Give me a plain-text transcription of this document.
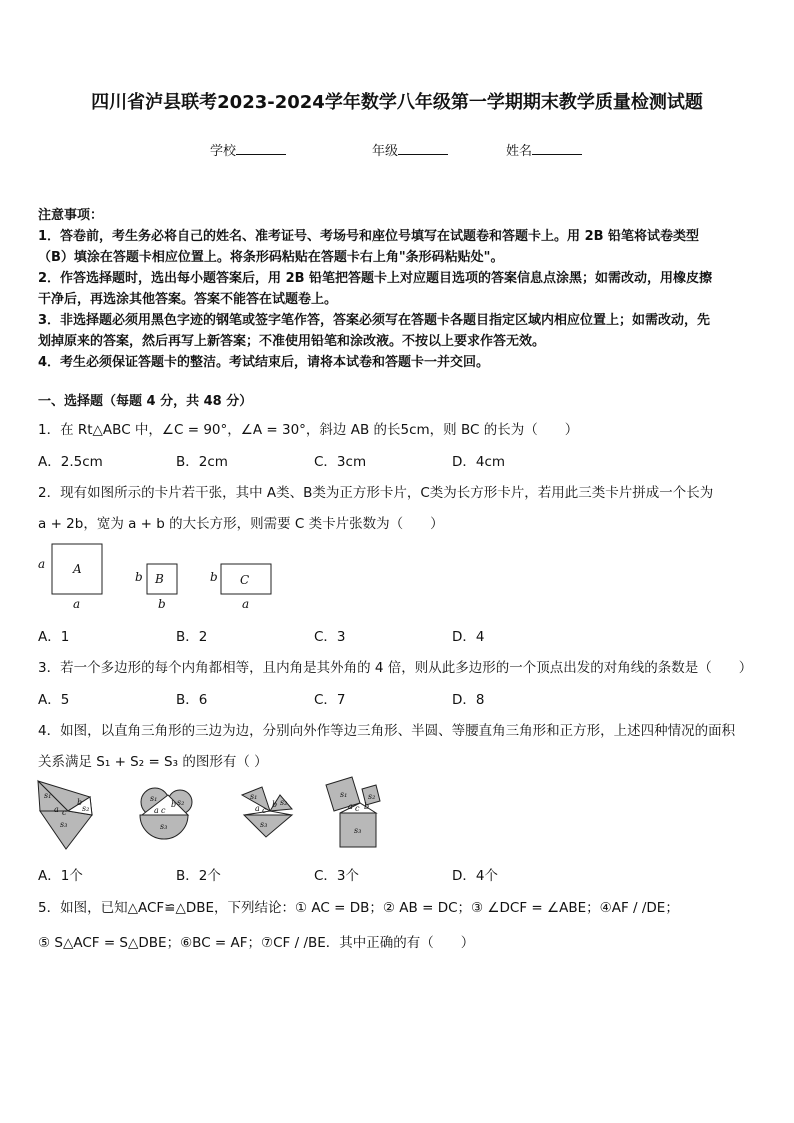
四川省泸县联考2023-2024学年数学八年级第一学期期末教学质量检测试题
学校	年级	姓名
注意事项：
1．答卷前，考生务必将自己的姓名、准考证号、考场号和座位号填写在试题卷和答题卡上。用 2B 铅笔将试卷类型
（B）填涂在答题卡相应位置上。将条形码粘贴在答题卡右上角"条形码粘贴处"。
2．作答选择题时，选出每小题答案后，用 2B 铅笔把答题卡上对应题目选项的答案信息点涂黑；如需改动，用橡皮擦
干净后，再选涂其他答案。答案不能答在试题卷上。
3．非选择题必须用黑色字迹的钢笔或签字笔作答，答案必须写在答题卡各题目指定区域内相应位置上；如需改动，先
划掉原来的答案，然后再写上新答案；不准使用铅笔和涂改液。不按以上要求作答无效。
4．考生必须保证答题卡的整洁。考试结束后，请将本试卷和答题卡一并交回。
一、选择题（每题 4 分，共 48 分）
1．在 Rt△ABC 中，∠C = 90°，∠A = 30°，斜边 AB 的长5cm，则 BC 的长为（　　）
A．2.5cm	B．2cm	C．3cm	D．4cm
2．现有如图所示的卡片若干张，其中 A类、B类为正方形卡片，C类为长方形卡片，若用此三类卡片拼成一个长为
a + 2b，宽为 a + b 的大长方形，则需要 C 类卡片张数为（　　）
a A
a
b B
b
b C
a
A．1	B．2	C．3	D．4
3．若一个多边形的每个内角都相等，且内角是其外角的 4 倍，则从此多边形的一个顶点出发的对角线的条数是（　　）
A．5	B．6	C．7	D．8
4．如图，以直角三角形的三边为边，分别向外作等边三角形、半圆、等腰直角三角形和正方形，上述四种情况的面积
关系满足 S₁ + S₂ = S₃ 的图形有（ ）
s₁
b
s₂
a c
s₃
s₁
a c
b s₂
s₃
s₁
a c
b s₂
s₃
s₁	s₂
a c b
s₃
A．1个	B．2个	C．3个	D．4个
5．如图，已知△ACF≌△DBE，下列结论：① AC = DB；② AB = DC；③ ∠DCF = ∠ABE；④AF / /DE；
⑤ S△ACF = S△DBE；⑥BC = AF；⑦CF / /BE．其中正确的有（　　）
